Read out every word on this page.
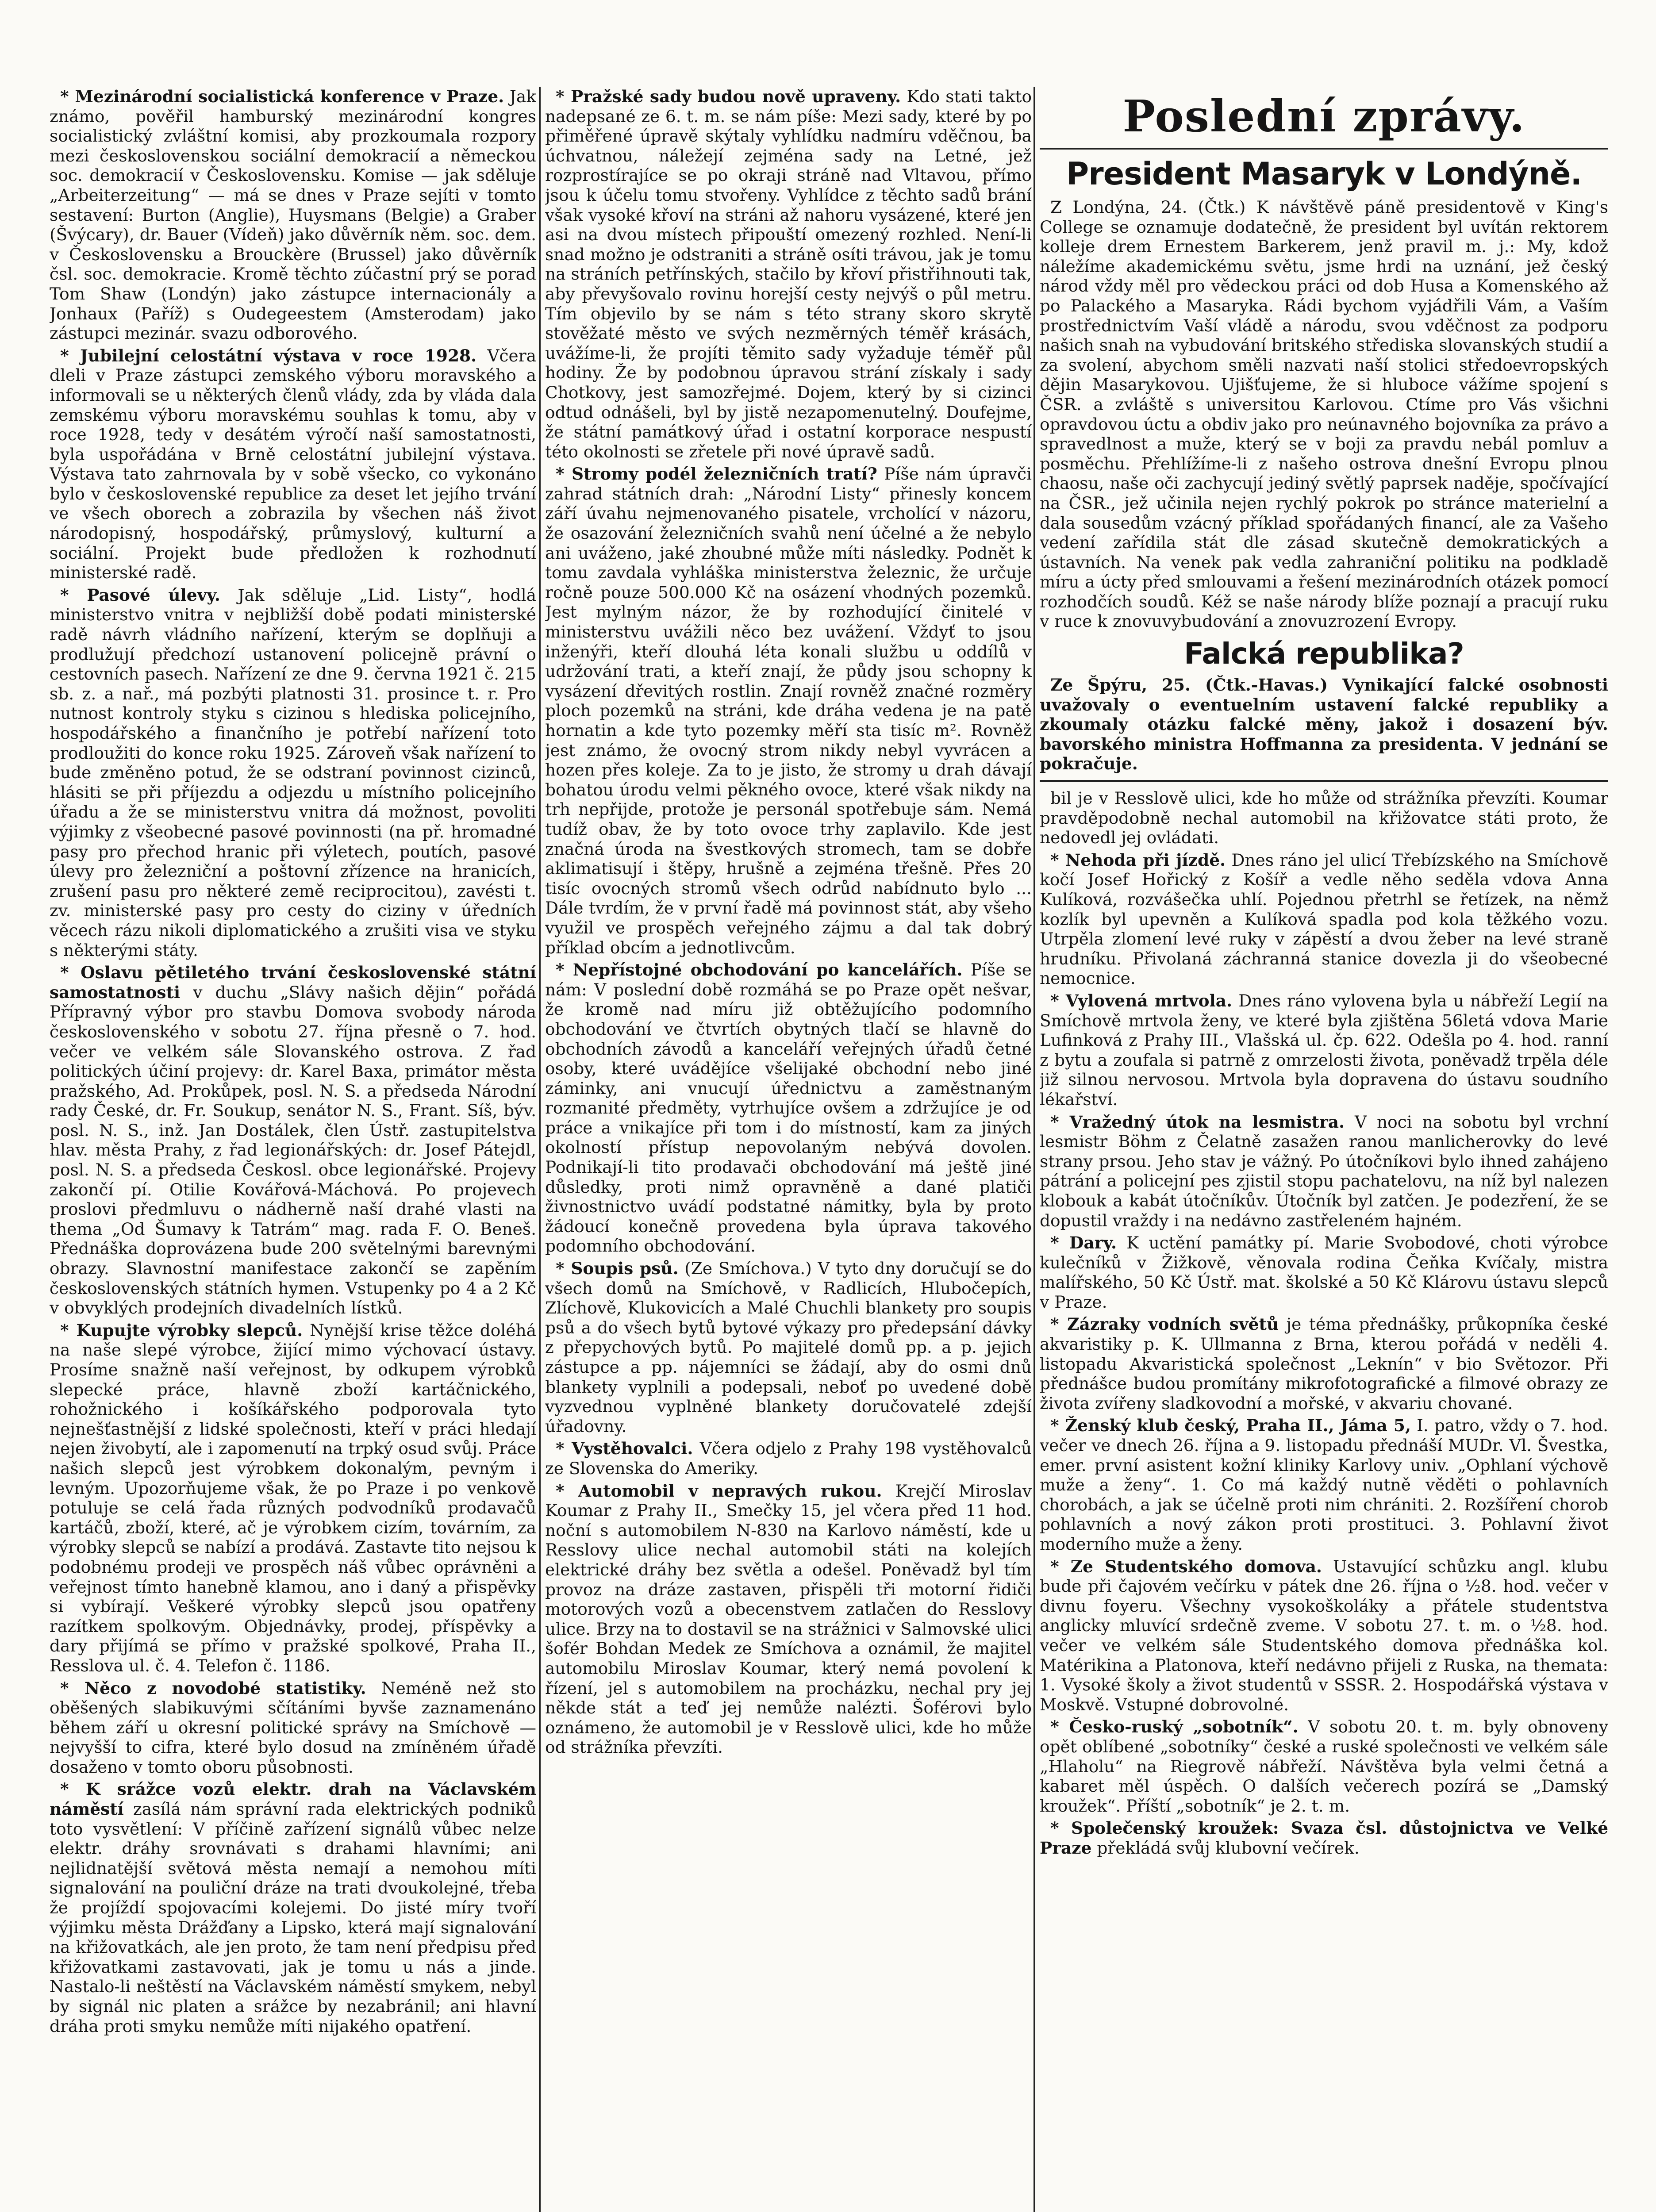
* Mezinárodní socialistická konference v Praze. Jak známo, pověřil hamburský mezinárodní kongres socialistický zvláštní komisi, aby prozkoumala rozpory mezi československou sociální demokracií a německou soc. demokracií v Československu. Komise — jak sděluje „Arbeiterzeitung“ — má se dnes v Praze sejíti v tomto sestavení: Burton (Anglie), Huysmans (Belgie) a Graber (Švýcary), dr. Bauer (Vídeň) jako důvěrník něm. soc. dem. v Československu a Brouckère (Brussel) jako důvěrník čsl. soc. demokracie. Kromě těchto zúčastní prý se porad Tom Shaw (Londýn) jako zástupce internacionály a Jonhaux (Paříž) s Oudegeestem (Amsterodam) jako zástupci mezinár. svazu odborového.

* Jubilejní celostátní výstava v roce 1928. Včera dleli v Praze zástupci zemského výboru moravského a informovali se u některých členů vlády, zda by vláda dala zemskému výboru moravskému souhlas k tomu, aby v roce 1928, tedy v desátém výročí naší samostatnosti, byla uspořádána v Brně celostátní jubilejní výstava. Výstava tato zahrnovala by v sobě všecko, co vykonáno bylo v československé republice za deset let jejího trvání ve všech oborech a zobrazila by všechen náš život národopisný, hospodářský, průmyslový, kulturní a sociální. Projekt bude předložen k rozhodnutí ministerské radě.

* Pasové úlevy. Jak sděluje „Lid. Listy“, hodlá ministerstvo vnitra v nejbližší době podati ministerské radě návrh vládního nařízení, kterým se doplňuji a prodlužují předchozí ustanovení policejně právní o cestovních pasech. Nařízení ze dne 9. června 1921 č. 215 sb. z. a nař., má pozbýti platnosti 31. prosince t. r. Pro nutnost kontroly styku s cizinou s hlediska policejního, hospodářského a finančního je potřebí nařízení toto prodloužiti do konce roku 1925. Zároveň však nařízení to bude změněno potud, že se odstraní povinnost cizinců, hlásiti se při příjezdu a odjezdu u místního policejního úřadu a že se ministerstvu vnitra dá možnost, povoliti výjimky z všeobecné pasové povinnosti (na př. hromadné pasy pro přechod hranic při výletech, poutích, pasové úlevy pro železniční a poštovní zřízence na hranicích, zrušení pasu pro některé země reciprocitou), zavésti t. zv. ministerské pasy pro cesty do ciziny v úředních věcech rázu nikoli diplomatického a zrušiti visa ve styku s některými státy.

* Oslavu pětiletého trvání československé státní samostatnosti v duchu „Slávy našich dějin“ pořádá Přípravný výbor pro stavbu Domova svobody národa československého v sobotu 27. října přesně o 7. hod. večer ve velkém sále Slovanského ostrova. Z řad politických účiní projevy: dr. Karel Baxa, primátor města pražského, Ad. Prokůpek, posl. N. S. a předseda Národní rady České, dr. Fr. Soukup, senátor N. S., Frant. Síš, býv. posl. N. S., inž. Jan Dostálek, člen Ústř. zastupitelstva hlav. města Prahy, z řad legionářských: dr. Josef Pátejdl, posl. N. S. a předseda Českosl. obce legionářské. Projevy zakončí pí. Otilie Kovářová-Máchová. Po projevech proslovi předmluvu o nádherně naší drahé vlasti na thema „Od Šumavy k Tatrám“ mag. rada F. O. Beneš. Přednáška doprovázena bude 200 světelnými barevnými obrazy. Slavnostní manifestace zakončí se zapěním československých státních hymen. Vstupenky po 4 a 2 Kč v obvyklých prodejních divadelních lístků.

* Kupujte výrobky slepců. Nynější krise těžce doléhá na naše slepé výrobce, žijící mimo výchovací ústavy. Prosíme snažně naší veřejnost, by odkupem výrobků slepecké práce, hlavně zboží kartáčnického, rohožnického i košíkářského podporovala tyto nejnešťastnější z lidské společnosti, kteří v práci hledají nejen živobytí, ale i zapomenutí na trpký osud svůj. Práce našich slepců jest výrobkem dokonalým, pevným i levným. Upozorňujeme však, že po Praze i po venkově potuluje se celá řada různých podvodníků prodavačů kartáčů, zboží, které, ač je výrobkem cizím, továrním, za výrobky slepců se nabízí a prodává. Zastavte tito nejsou k podobnému prodeji ve prospěch náš vůbec oprávněni a veřejnost tímto hanebně klamou, ano i daný a přispěvky si vybírají. Veškeré výrobky slepců jsou opatřeny razítkem spolkovým. Objednávky, prodej, příspěvky a dary přijímá se přímo v pražské spolkové, Praha II., Resslova ul. č. 4. Telefon č. 1186.

* Něco z novodobé statistiky. Neméně než sto oběšených slabikuvými sčítáními byvše zaznamenáno během září u okresní politické správy na Smíchově — nejvyšší to cifra, které bylo dosud na zmíněném úřadě dosaženo v tomto oboru působnosti.

* K srážce vozů elektr. drah na Václavském náměstí zasílá nám správní rada elektrických podniků toto vysvětlení: V příčině zařízení signálů vůbec nelze elektr. dráhy srovnávati s drahami hlavními; ani nejlidnatější světová města nemají a nemohou míti signalování na pouliční dráze na trati dvoukolejné, třeba že projíždí spojovacími kolejemi. Do jisté míry tvoří výjimku města Drážďany a Lipsko, která mají signalování na křižovatkách, ale jen proto, že tam není předpisu před křižovatkami zastavovati, jak je tomu u nás a jinde. Nastalo-li neštěstí na Václavském náměstí smykem, nebyl by signál nic platen a srážce by nezabránil; ani hlavní dráha proti smyku nemůže míti nijakého opatření.

* Pražské sady budou nově upraveny. Kdo stati takto nadepsané ze 6. t. m. se nám píše: Mezi sady, které by po přiměřené úpravě skýtaly vyhlídku nadmíru vděčnou, ba úchvatnou, náležejí zejména sady na Letné, jež rozprostírajíce se po okraji stráně nad Vltavou, přímo jsou k účelu tomu stvořeny. Vyhlídce z těchto sadů brání však vysoké křoví na stráni až nahoru vysázené, které jen asi na dvou místech připouští omezený rozhled. Není-li snad možno je odstraniti a stráně osíti trávou, jak je tomu na stráních petřínských, stačilo by křoví přistřihnouti tak, aby převyšovalo rovinu horejší cesty nejvýš o půl metru. Tím objevilo by se nám s této strany skoro skrytě stověžaté město ve svých nezměrných téměř krásách, uvážíme-li, že projíti těmito sady vyžaduje téměř půl hodiny. Že by podobnou úpravou strání získaly i sady Chotkovy, jest samozřejmé. Dojem, který by si cizinci odtud odnášeli, byl by jistě nezapomenutelný. Doufejme, že státní památkový úřad i ostatní korporace nespustí této okolnosti se zřetele při nové úpravě sadů.

* Stromy podél železničních tratí? Píše nám úpravči zahrad státních drah: „Národní Listy“ přinesly koncem září úvahu nejmenovaného pisatele, vrcholící v názoru, že osazování železničních svahů není účelné a že nebylo ani uváženo, jaké zhoubné může míti následky. Podnět k tomu zavdala vyhláška ministerstva železnic, že určuje ročně pouze 500.000 Kč na osázení vhodných pozemků. Jest mylným názor, že by rozhodující činitelé v ministerstvu uvážili něco bez uvážení. Vždyť to jsou inženýři, kteří dlouhá léta konali službu u oddílů v udržování trati, a kteří znají, že půdy jsou schopny k vysázení dřevitých rostlin. Znají rovněž značné rozměry ploch pozemků na stráni, kde dráha vedena je na patě hornatin a kde tyto pozemky měří sta tisíc m². Rovněž jest známo, že ovocný strom nikdy nebyl vyvrácen a hozen přes koleje. Za to je jisto, že stromy u drah dávají bohatou úrodu velmi pěkného ovoce, které však nikdy na trh nepřijde, protože je personál spotřebuje sám. Nemá tudíž obav, že by toto ovoce trhy zaplavilo. Kde jest značná úroda na švestkových stromech, tam se dobře aklimatisují i štěpy, hrušně a zejména třešně. Přes 20 tisíc ovocných stromů všech odrůd nabídnuto bylo ... Dále tvrdím, že v první řadě má povinnost stát, aby všeho využil ve prospěch veřejného zájmu a dal tak dobrý příklad obcím a jednotlivcům.

* Nepřístojné obchodování po kancelářích. Píše se nám: V poslední době rozmáhá se po Praze opět nešvar, že kromě nad míru již obtěžujícího podomního obchodování ve čtvrtích obytných tlačí se hlavně do obchodních závodů a kanceláří veřejných úřadů četné osoby, které uvádějíce všelijaké obchodní nebo jiné záminky, ani vnucují úřednictvu a zaměstnaným rozmanité předměty, vytrhujíce ovšem a zdržujíce je od práce a vnikajíce při tom i do místností, kam za jiných okolností přístup nepovolaným nebývá dovolen. Podnikají-li tito prodavači obchodování má ještě jiné důsledky, proti nimž opravněně a dané platiči živnostnictvo uvádí podstatné námitky, byla by proto žádoucí konečně provedena byla úprava takového podomního obchodování.

* Soupis psů. (Ze Smíchova.) V tyto dny doručují se do všech domů na Smíchově, v Radlicích, Hlubočepích, Zlíchově, Klukovicích a Malé Chuchli blankety pro soupis psů a do všech bytů bytové výkazy pro předepsání dávky z přepychových bytů. Po majitelé domů pp. a p. jejich zástupce a pp. nájemníci se žádají, aby do osmi dnů blankety vyplnili a podepsali, neboť po uvedené době vyzvednou vyplněné blankety doručovatelé zdejší úřadovny.

* Vystěhovalci. Včera odjelo z Prahy 198 vystěhovalců ze Slovenska do Ameriky.

* Automobil v nepravých rukou. Krejčí Miroslav Koumar z Prahy II., Smečky 15, jel včera před 11 hod. noční s automobilem N-830 na Karlovo náměstí, kde u Resslovy ulice nechal automobil státi na kolejích elektrické dráhy bez světla a odešel. Poněvadž byl tím provoz na dráze zastaven, přispěli tři motorní řidiči motorových vozů a obecenstvem zatlačen do Resslovy ulice. Brzy na to dostavil se na strážnici v Salmovské ulici šofér Bohdan Medek ze Smíchova a oznámil, že majitel automobilu Miroslav Koumar, který nemá povolení k řízení, jel s automobilem na procházku, nechal pry jej někde stát a teď jej nemůže nalézti. Šoférovi bylo oznámeno, že automobil je v Resslově ulici, kde ho může od strážníka převzíti.

Poslední zprávy.
President Masaryk v Londýně.

Z Londýna, 24. (Čtk.) K návštěvě páně presidentově v King's College se oznamuje dodatečně, že president byl uvítán rektorem kolleje drem Ernestem Barkerem, jenž pravil m. j.: My, kdož náležíme akademickému světu, jsme hrdi na uznání, jež český národ vždy měl pro vědeckou práci od dob Husa a Komenského až po Palackého a Masaryka. Rádi bychom vyjádřili Vám, a Vaším prostřednictvím Vaší vládě a národu, svou vděčnost za podporu našich snah na vybudování britského střediska slovanských studií a za svolení, abychom směli nazvati naší stolici středoevropských dějin Masarykovou. Ujišťujeme, že si hluboce vážíme spojení s ČSR. a zvláště s universitou Karlovou. Ctíme pro Vás všichni opravdovou úctu a obdiv jako pro neúnavného bojovníka za právo a spravedlnost a muže, který se v boji za pravdu nebál pomluv a posměchu. Přehlížíme-li z našeho ostrova dnešní Evropu plnou chaosu, naše oči zachycují jediný světlý paprsek naděje, spočívající na ČSR., jež učinila nejen rychlý pokrok po stránce materielní a dala sousedům vzácný příklad spořádaných financí, ale za Vašeho vedení zařídila stát dle zásad skutečně demokratických a ústavních. Na venek pak vedla zahraniční politiku na podkladě míru a úcty před smlouvami a řešení mezinárodních otázek pomocí rozhodčích soudů. Kéž se naše národy blíže poznají a pracují ruku v ruce k znovuvybudování a znovuzrození Evropy.

Falcká republika?

Ze Špýru, 25. (Čtk.-Havas.) Vynikající falcké osobnosti uvažovaly o eventuelním ustavení falcké republiky a zkoumaly otázku falcké měny, jakož i dosazení býv. bavorského ministra Hoffmanna za presidenta. V jednání se pokračuje.

bil je v Resslově ulici, kde ho může od strážníka převzíti. Koumar pravděpodobně nechal automobil na křižovatce státi proto, že nedovedl jej ovládati.

* Nehoda při jízdě. Dnes ráno jel ulicí Třebízského na Smíchově kočí Josef Hořický z Košíř a vedle něho seděla vdova Anna Kulíková, rozvášečka uhlí. Pojednou přetrhl se řetízek, na němž kozlík byl upevněn a Kulíková spadla pod kola těžkého vozu. Utrpěla zlomení levé ruky v zápěstí a dvou žeber na levé straně hrudníku. Přivolaná záchranná stanice dovezla ji do všeobecné nemocnice.

* Vylovená mrtvola. Dnes ráno vylovena byla u nábřeží Legií na Smíchově mrtvola ženy, ve které byla zjištěna 56letá vdova Marie Lufinková z Prahy III., Vlašská ul. čp. 622. Odešla po 4. hod. ranní z bytu a zoufala si patrně z omrzelosti života, poněvadž trpěla déle již silnou nervosou. Mrtvola byla dopravena do ústavu soudního lékařství.

* Vražedný útok na lesmistra. V noci na sobotu byl vrchní lesmistr Böhm z Čelatně zasažen ranou manlicherovky do levé strany prsou. Jeho stav je vážný. Po útočníkovi bylo ihned zahájeno pátrání a policejní pes zjistil stopu pachatelovu, na níž byl nalezen klobouk a kabát útočníkův. Útočník byl zatčen. Je podezření, že se dopustil vraždy i na nedávno zastřeleném hajném.

* Dary. K uctění památky pí. Marie Svobodové, choti výrobce kulečníků v Žižkově, věnovala rodina Čeňka Kvíčaly, mistra malířského, 50 Kč Ústř. mat. školské a 50 Kč Klárovu ústavu slepců v Praze.

* Zázraky vodních světů je téma přednášky, průkopníka české akvaristiky p. K. Ullmanna z Brna, kterou pořádá v neděli 4. listopadu Akvaristická společnost „Leknín“ v bio Světozor. Při přednášce budou promítány mikrofotografické a filmové obrazy ze života zvířeny sladkovodní a mořské, v akvariu chované.

* Ženský klub český, Praha II., Jáma 5, I. patro, vždy o 7. hod. večer ve dnech 26. října a 9. listopadu přednáší MUDr. Vl. Švestka, emer. první asistent kožní kliniky Karlovy univ. „Ophlaní výchově muže a ženy“. 1. Co má každý nutně věděti o pohlavních chorobách, a jak se účelně proti nim chrániti. 2. Rozšíření chorob pohlavních a nový zákon proti prostituci. 3. Pohlavní život moderního muže a ženy.

* Ze Studentského domova. Ustavující schůzku angl. klubu bude při čajovém večírku v pátek dne 26. října o ½8. hod. večer v divnu foyeru. Všechny vysokoškoláky a přátele studentstva anglicky mluvící srdečně zveme. V sobotu 27. t. m. o ½8. hod. večer ve velkém sále Studentského domova přednáška kol. Matérikina a Platonova, kteří nedávno přijeli z Ruska, na themata: 1. Vysoké školy a život studentů v SSSR. 2. Hospodářská výstava v Moskvě. Vstupné dobrovolné.

* Česko-ruský „sobotník“. V sobotu 20. t. m. byly obnoveny opět oblíbené „sobotníky“ české a ruské společnosti ve velkém sále „Hlaholu“ na Riegrově nábřeží. Návštěva byla velmi četná a kabaret měl úspěch. O dalších večerech pozírá se „Damský kroužek“. Příští „sobotník“ je 2. t. m.

* Společenský kroužek: Svaza čsl. důstojnictva ve Velké Praze překládá svůj klubovní večírek.
